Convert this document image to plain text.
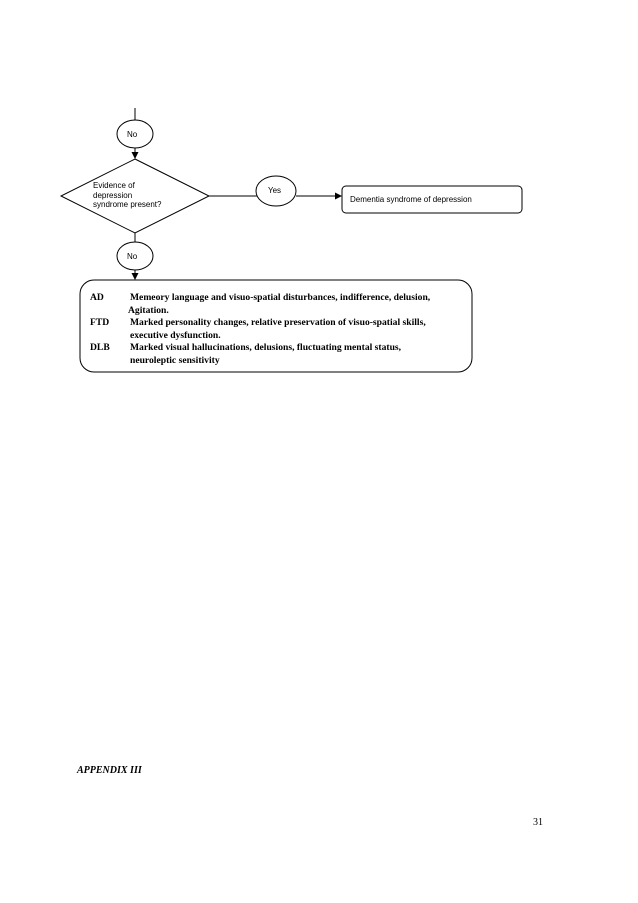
No
Evidence of
depression
syndrome present?
Yes
Dementia syndrome of depression
No
AD	Memeory language and visuo-spatial disturbances, indifference, delusion,
Agitation.
FTD	Marked personality changes, relative preservation of visuo-spatial skills,
executive dysfunction.
DLB	Marked visual hallucinations, delusions, fluctuating mental status,
neuroleptic sensitivity
APPENDIX III
31
